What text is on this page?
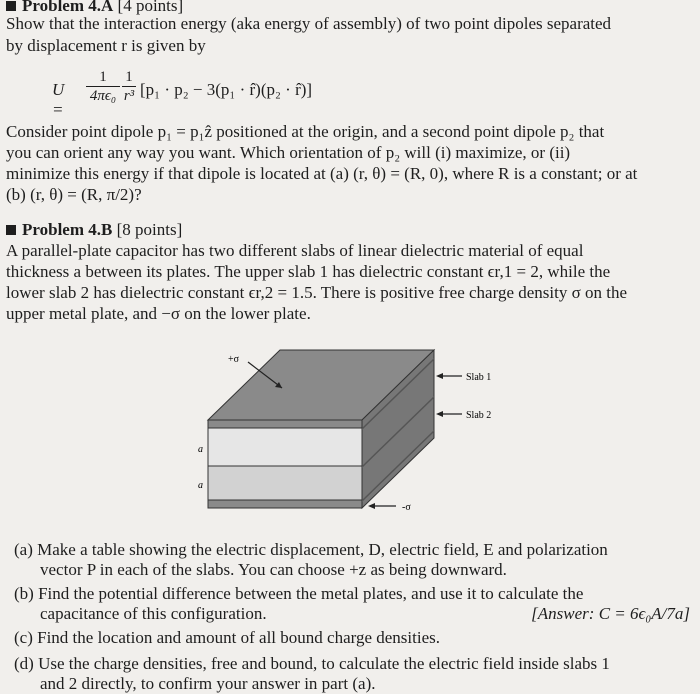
Problem 4.A [4 points]
Show that the interaction energy (aka energy of assembly) of two point dipoles separated
by displacement r is given by
U =
$\frac{1}{\text{4πϵ₀}} \frac{1}{\text{r³}} [p_1 \cdot p_2 - 3(p_1$ · r̂)(p₂ · r̂)]
Consider point dipole p₁ = p₁ẑ positioned at the origin, and a second point dipole p₂ that
you can orient any way you want. Which orientation of p₂ will (i) maximize, or (ii)
minimize this energy if that dipole is located at (a) (r, θ) = (R, 0), where R is a constant; or at
(b) (r, θ) = (R, π/2)?
Problem 4.B [8 points]
A parallel-plate capacitor has two different slabs of linear dielectric material of equal
thickness a between its plates. The upper slab 1 has dielectric constant ϵr,1 = 2, while the
lower slab 2 has dielectric constant ϵr,2 = 1.5. There is positive free charge density σ on the
upper metal plate, and −σ on the lower plate.
+σ
Slab 1
Slab 2
-σ
a
a
(a) Make a table showing the electric displacement, D, electric field, E and polarization
vector P in each of the slabs. You can choose +z as being downward.
(b) Find the potential difference between the metal plates, and use it to calculate the
capacitance of this configuration.	[Answer: C = 6ϵ₀A/7a]
(c) Find the location and amount of all bound charge densities.
(d) Use the charge densities, free and bound, to calculate the electric field inside slabs 1
and 2 directly, to confirm your answer in part (a).
